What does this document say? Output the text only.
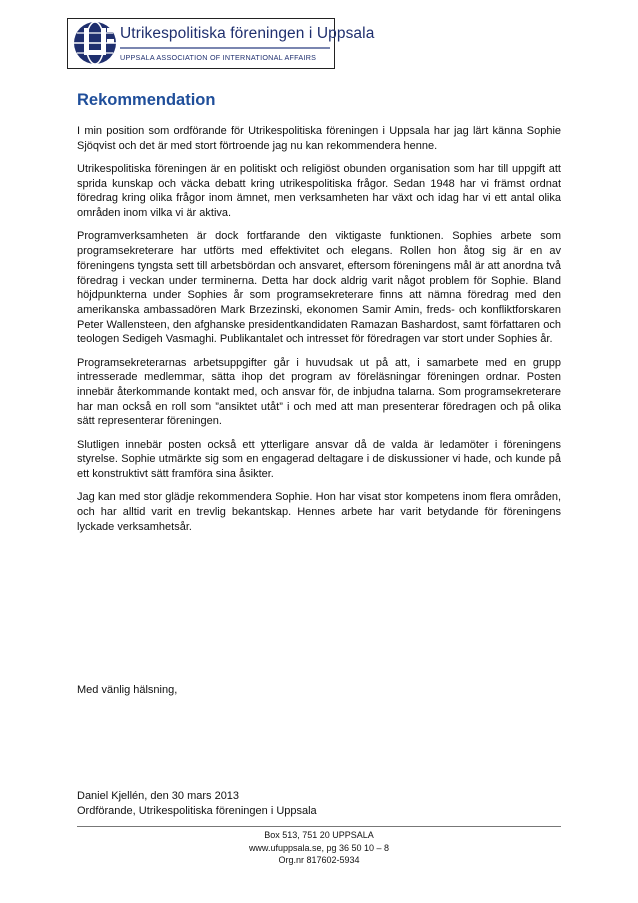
Utrikespolitiska föreningen i Uppsala
UPPSALA ASSOCIATION OF INTERNATIONAL AFFAIRS
Rekommendation

I min position som ordförande för Utrikespolitiska föreningen i Uppsala har jag lärt känna Sophie Sjöqvist och det är med stort förtroende jag nu kan rekommendera henne.

Utrikespolitiska föreningen är en politiskt och religiöst obunden organisation som har till uppgift att sprida kunskap och väcka debatt kring utrikespolitiska frågor. Sedan 1948 har vi främst ordnat föredrag kring olika frågor inom ämnet, men verksamheten har växt och idag har vi ett antal olika områden inom vilka vi är aktiva.

Programverksamheten är dock fortfarande den viktigaste funktionen. Sophies arbete som programsekreterare har utförts med effektivitet och elegans. Rollen hon åtog sig är en av föreningens tyngsta sett till arbetsbördan och ansvaret, eftersom föreningens mål är att anordna två föredrag i veckan under terminerna. Detta har dock aldrig varit något problem för Sophie. Bland höjdpunkterna under Sophies år som programsekreterare finns att nämna föredrag med den amerikanska ambassadören Mark Brzezinski, ekonomen Samir Amin, freds- och konfliktforskaren Peter Wallensteen, den afghanske presidentkandidaten Ramazan Bashardost, samt författaren och teologen Sedigeh Vasmaghi. Publikantalet och intresset för föredragen var stort under Sophies år.

Programsekreterarnas arbetsuppgifter går i huvudsak ut på att, i samarbete med en grupp intresserade medlemmar, sätta ihop det program av föreläsningar föreningen ordnar. Posten innebär återkommande kontakt med, och ansvar för, de inbjudna talarna. Som programsekreterare har man också en roll som ”ansiktet utåt” i och med att man presenterar föredragen och på olika sätt representerar föreningen.

Slutligen innebär posten också ett ytterligare ansvar då de valda är ledamöter i föreningens styrelse. Sophie utmärkte sig som en engagerad deltagare i de diskussioner vi hade, och kunde på ett konstruktivt sätt framföra sina åsikter.

Jag kan med stor glädje rekommendera Sophie. Hon har visat stor kompetens inom flera områden, och har alltid varit en trevlig bekantskap. Hennes arbete har varit betydande för föreningens lyckade verksamhetsår.

Med vänlig hälsning,

Daniel Kjellén, den 30 mars 2013
Ordförande, Utrikespolitiska föreningen i Uppsala
Box 513, 751 20 UPPSALA
www.ufuppsala.se, pg 36 50 10 – 8
Org.nr 817602-5934
